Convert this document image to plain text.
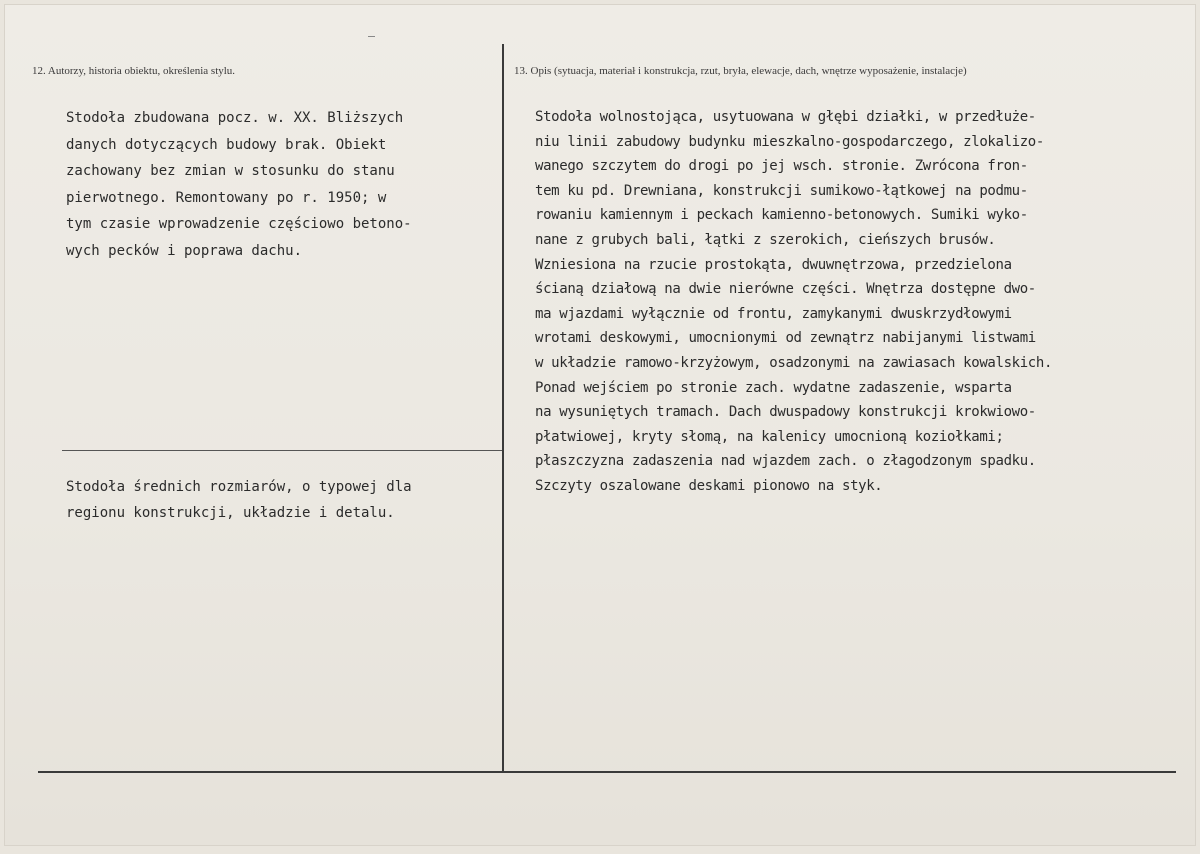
12. Autorzy, historia obiektu, określenia stylu.	13. Opis (sytuacja, materiał i konstrukcja, rzut, bryła, elewacje, dach, wnętrze wyposażenie, instalacje)
Stodoła zbudowana pocz. w. XX. Bliższych
danych dotyczących budowy brak. Obiekt
zachowany bez zmian w stosunku do stanu
pierwotnego. Remontowany po r. 1950; w
tym czasie wprowadzenie częściowo betono-
wych pecków i poprawa dachu.
Stodoła średnich rozmiarów, o typowej dla
regionu konstrukcji, układzie i detalu.
Stodoła wolnostojąca, usytuowana w głębi działki, w przedłuże-
niu linii zabudowy budynku mieszkalno-gospodarczego, zlokalizo-
wanego szczytem do drogi po jej wsch. stronie. Zwrócona fron-
tem ku pd. Drewniana, konstrukcji sumikowo-łątkowej na podmu-
rowaniu kamiennym i peckach kamienno-betonowych. Sumiki wyko-
nane z grubych bali, łątki z szerokich, cieńszych brusów.
Wzniesiona na rzucie prostokąta, dwuwnętrzowa, przedzielona
ścianą działową na dwie nierówne części. Wnętrza dostępne dwo-
ma wjazdami wyłącznie od frontu, zamykanymi dwuskrzydłowymi
wrotami deskowymi, umocnionymi od zewnątrz nabijanymi listwami
w układzie ramowo-krzyżowym, osadzonymi na zawiasach kowalskich.
Ponad wejściem po stronie zach. wydatne zadaszenie, wsparta
na wysuniętych tramach. Dach dwuspadowy konstrukcji krokwiowo-
płatwiowej, kryty słomą, na kalenicy umocnioną koziołkami;
płaszczyzna zadaszenia nad wjazdem zach. o złagodzonym spadku.
Szczyty oszalowane deskami pionowo na styk.
